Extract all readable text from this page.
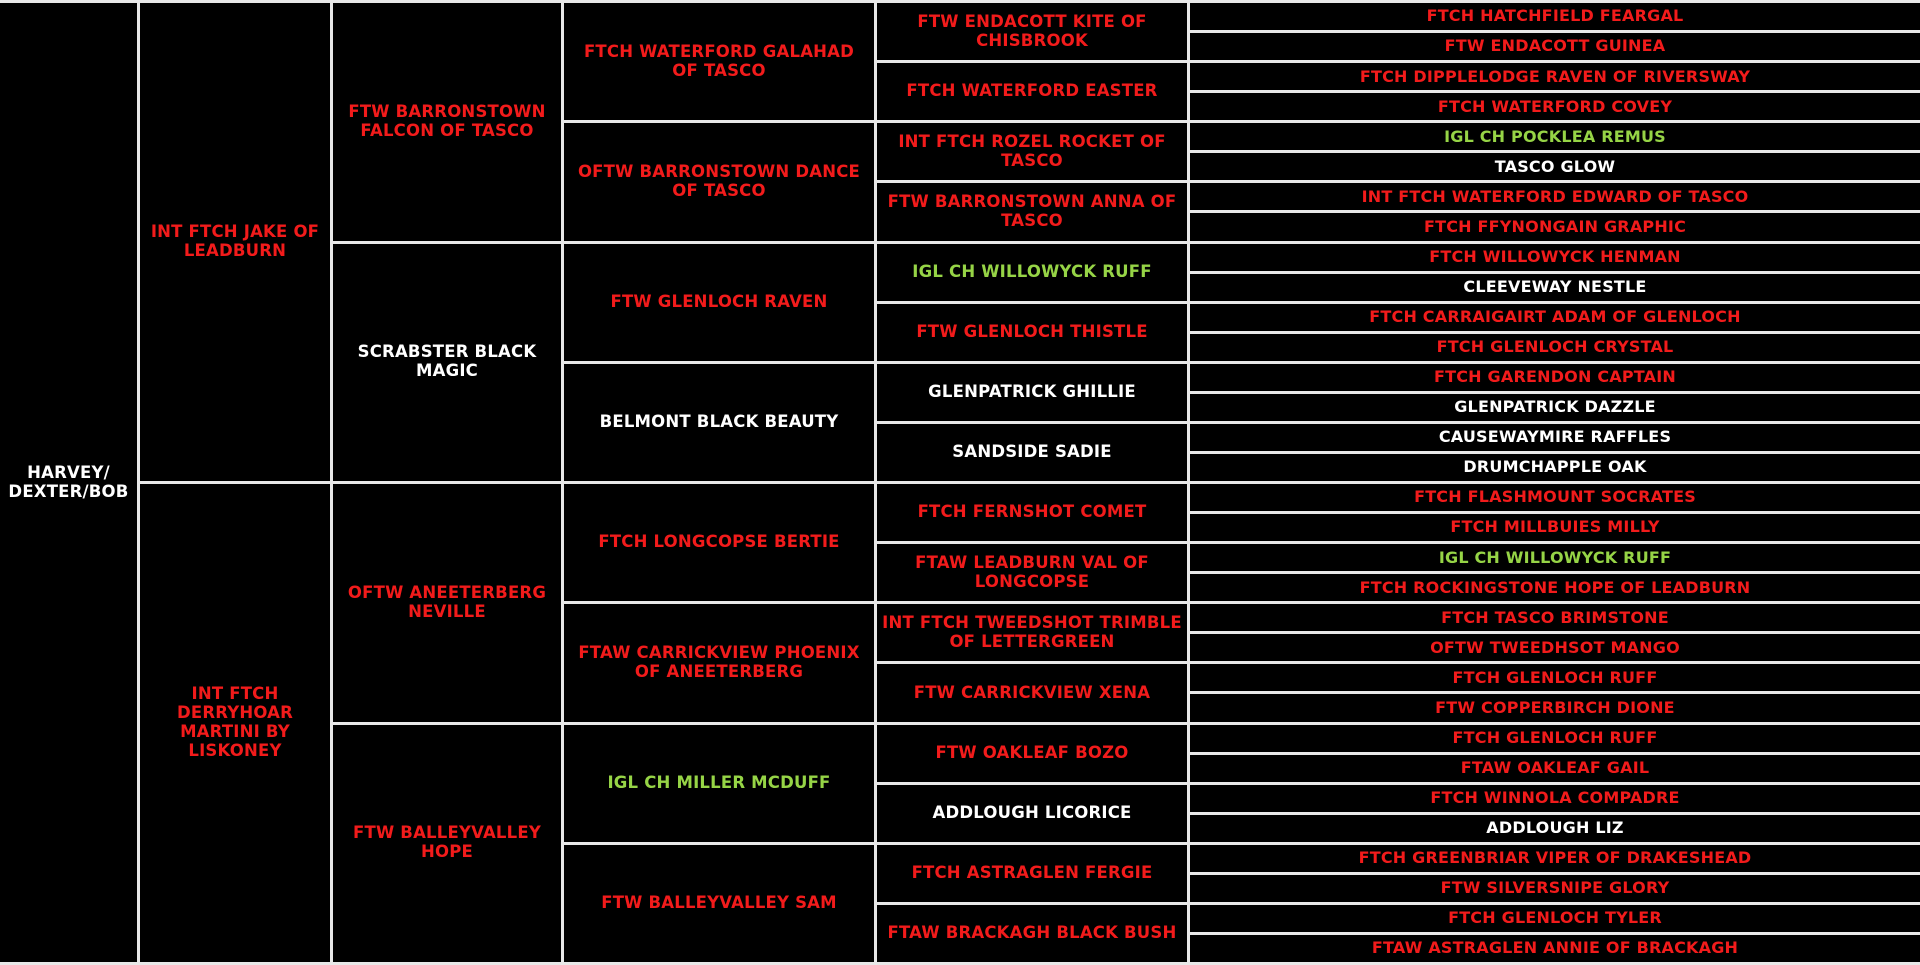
HARVEY/
DEXTER/BOB
INT FTCH JAKE OF LEADBURN
INT FTCH DERRYHOAR MARTINI BY LISKONEY
FTW BARRONSTOWN FALCON OF TASCO
SCRABSTER BLACK MAGIC
OFTW ANEETERBERG NEVILLE
FTW BALLEYVALLEY HOPE
FTCH WATERFORD GALAHAD OF TASCO
OFTW BARRONSTOWN DANCE OF TASCO
FTW GLENLOCH RAVEN
BELMONT BLACK BEAUTY
FTCH LONGCOPSE BERTIE
FTAW CARRICKVIEW PHOENIX OF ANEETERBERG
IGL CH MILLER MCDUFF
FTW BALLEYVALLEY SAM
FTW ENDACOTT KITE OF CHISBROOK
FTCH WATERFORD EASTER
INT FTCH ROZEL ROCKET OF TASCO
FTW BARRONSTOWN ANNA OF TASCO
IGL CH WILLOWYCK RUFF
FTW GLENLOCH THISTLE
GLENPATRICK GHILLIE
SANDSIDE SADIE
FTCH FERNSHOT COMET
FTAW LEADBURN VAL OF LONGCOPSE
INT FTCH TWEEDSHOT TRIMBLE OF LETTERGREEN
FTW CARRICKVIEW XENA
FTW OAKLEAF BOZO
ADDLOUGH LICORICE
FTCH ASTRAGLEN FERGIE
FTAW BRACKAGH BLACK BUSH
FTCH HATCHFIELD FEARGAL
FTW ENDACOTT GUINEA
FTCH DIPPLELODGE RAVEN OF RIVERSWAY
FTCH WATERFORD COVEY
IGL CH POCKLEA REMUS
TASCO GLOW
INT FTCH WATERFORD EDWARD OF TASCO
FTCH FFYNONGAIN GRAPHIC
FTCH WILLOWYCK HENMAN
CLEEVEWAY NESTLE
FTCH CARRAIGAIRT ADAM OF GLENLOCH
FTCH GLENLOCH CRYSTAL
FTCH GARENDON CAPTAIN
GLENPATRICK DAZZLE
CAUSEWAYMIRE RAFFLES
DRUMCHAPPLE OAK
FTCH FLASHMOUNT SOCRATES
FTCH MILLBUIES MILLY
IGL CH WILLOWYCK RUFF
FTCH ROCKINGSTONE HOPE OF LEADBURN
FTCH TASCO BRIMSTONE
OFTW TWEEDHSOT MANGO
FTCH GLENLOCH RUFF
FTW COPPERBIRCH DIONE
FTCH GLENLOCH RUFF
FTAW OAKLEAF GAIL
FTCH WINNOLA COMPADRE
ADDLOUGH LIZ
FTCH GREENBRIAR VIPER OF DRAKESHEAD
FTW SILVERSNIPE GLORY
FTCH GLENLOCH TYLER
FTAW ASTRAGLEN ANNIE OF BRACKAGH
